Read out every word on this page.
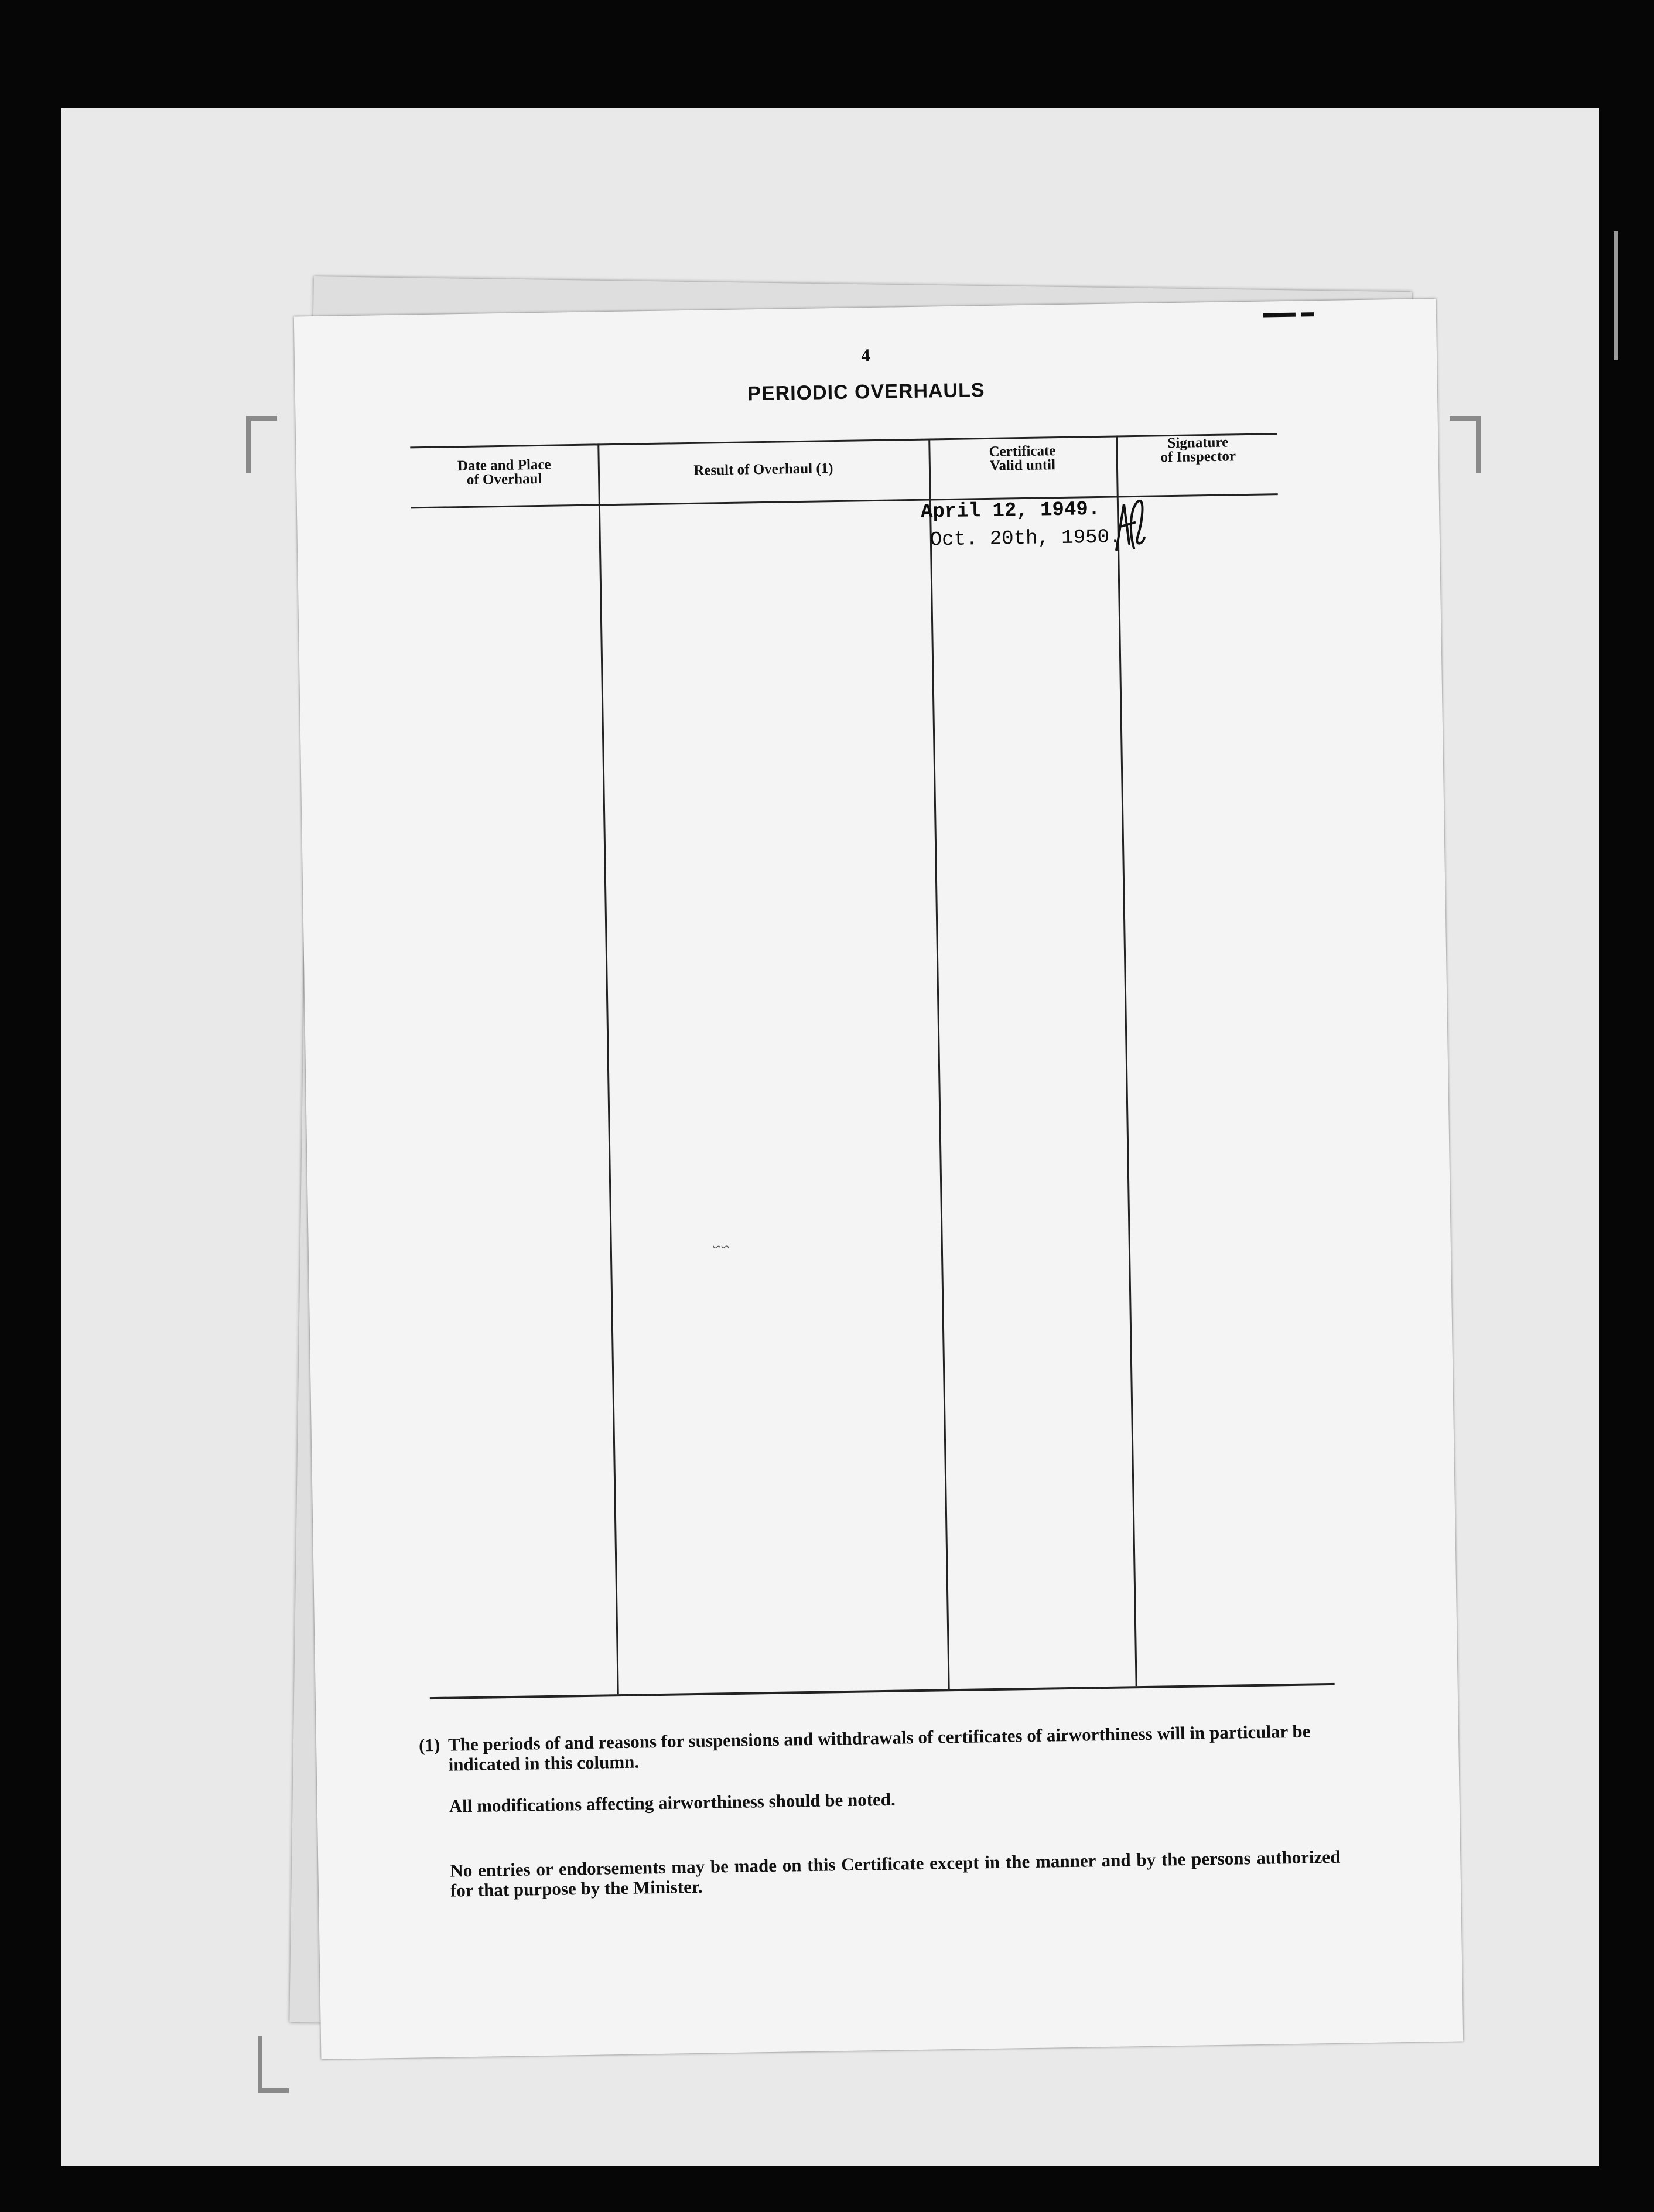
4
PERIODIC OVERHAULS
Date and Place
of Overhaul
Result of Overhaul (1)
Certificate
Valid until
Signature
of Inspector
April 12, 1949.
Oct. 20th, 1950.
~~
(1) The periods of and reasons for suspensions and withdrawals of certificates of airworthiness will in particular be indicated in this column.
All modifications affecting airworthiness should be noted.
No entries or endorsements may be made on this Certificate except in the manner and by the persons authorized for that purpose by the Minister.
